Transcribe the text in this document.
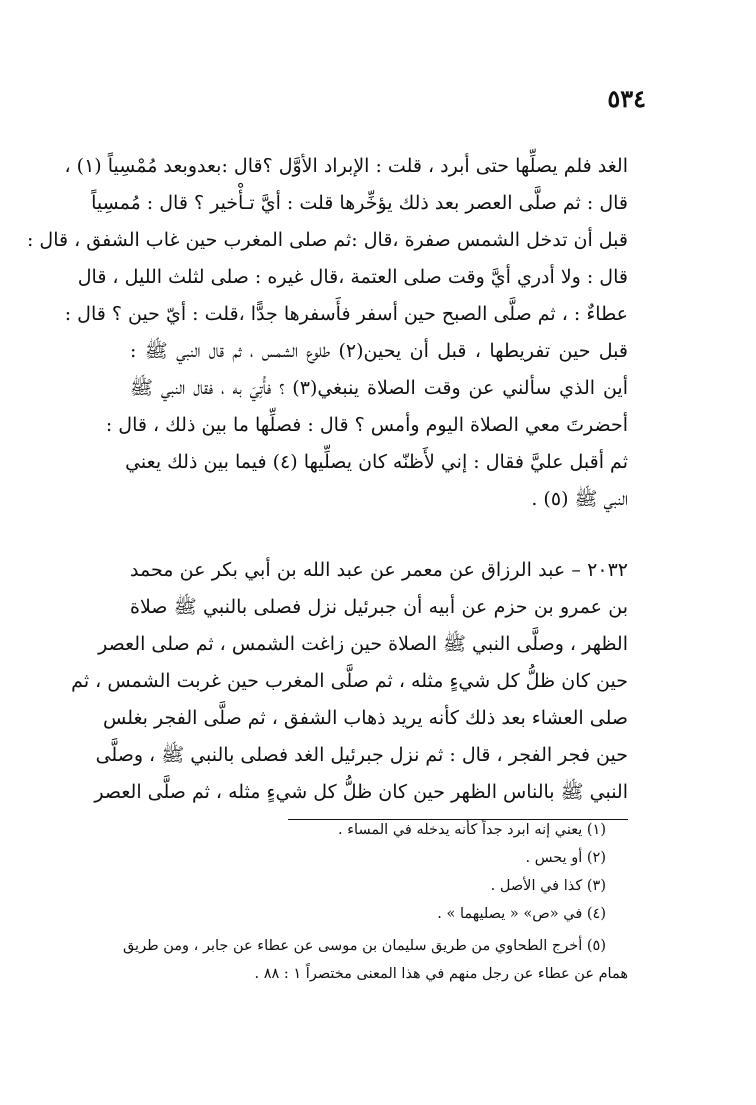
٥٣٤
الغد فلم يصلِّها حتى أبرد ، قلت : الإبراد الأوَّل ؟قال :بعدوبعد مُمْسِياً (١) ،
قال : ثم صلَّى العصر بعد ذلك يؤخِّرها قلت : أيَّ تـأْخير ؟ قال : مُمسِياً
قبل أن تدخل الشمس صفرة ،قال :ثم صلى المغرب حين غاب الشفق ، قال :
قال : ولا أدري أيَّ وقت صلى العتمة ،قال غيره : صلى لثلث الليل ، قال
عطاءٌ : ، ثم صلَّى الصبح حين أسفر فأَسفرها جدًّا ،قلت : أيّ حين ؟ قال :
قبل حين تفريطها ، قبل أن يحين(٢) طلوع الشمس ، ثم قال النبي ﷺ :
أين الذي سألني عن وقت الصلاة ينبغي(٣) ؟ فأُتِيَ به ، فقال النبي ﷺ
أحضرتَ معي الصلاة اليوم وأمس ؟ قال : فصلِّها ما بين ذلك ، قال :
ثم أقبل عليَّ فقال : إني لأَظنّه كان يصلِّيها (٤) فيما بين ذلك يعني
النبي ﷺ (٥) .
٢٠٣٢ – عبد الرزاق عن معمر عن عبد الله بن أبي بكر عن محمد
بن عمرو بن حزم عن أبيه أن جبرئيل نزل فصلى بالنبي ﷺ صلاة
الظهر ، وصلَّى النبي ﷺ الصلاة حين زاغت الشمس ، ثم صلى العصر
حين كان ظلُّ كل شيءٍ مثله ، ثم صلَّى المغرب حين غربت الشمس ، ثم
صلى العشاء بعد ذلك كأنه يريد ذهاب الشفق ، ثم صلَّى الفجر بغلس
حين فجر الفجر ، قال : ثم نزل جبرئيل الغد فصلى بالنبي ﷺ ، وصلَّى
النبي ﷺ بالناس الظهر حين كان ظلُّ كل شيءٍ مثله ، ثم صلَّى العصر
(١) يعني إنه ابرد جداً كأنه يدخله في المساء .
(٢) أو يحس .
(٣) كذا في الأصل .
(٤) في «ص» « يصليهما » .
(٥) أخرج الطحاوي من طريق سليمان بن موسى عن عطاء عن جابر ، ومن طريق
همام عن عطاء عن رجل منهم في هذا المعنى مختصراً ١ : ٨٨ .
